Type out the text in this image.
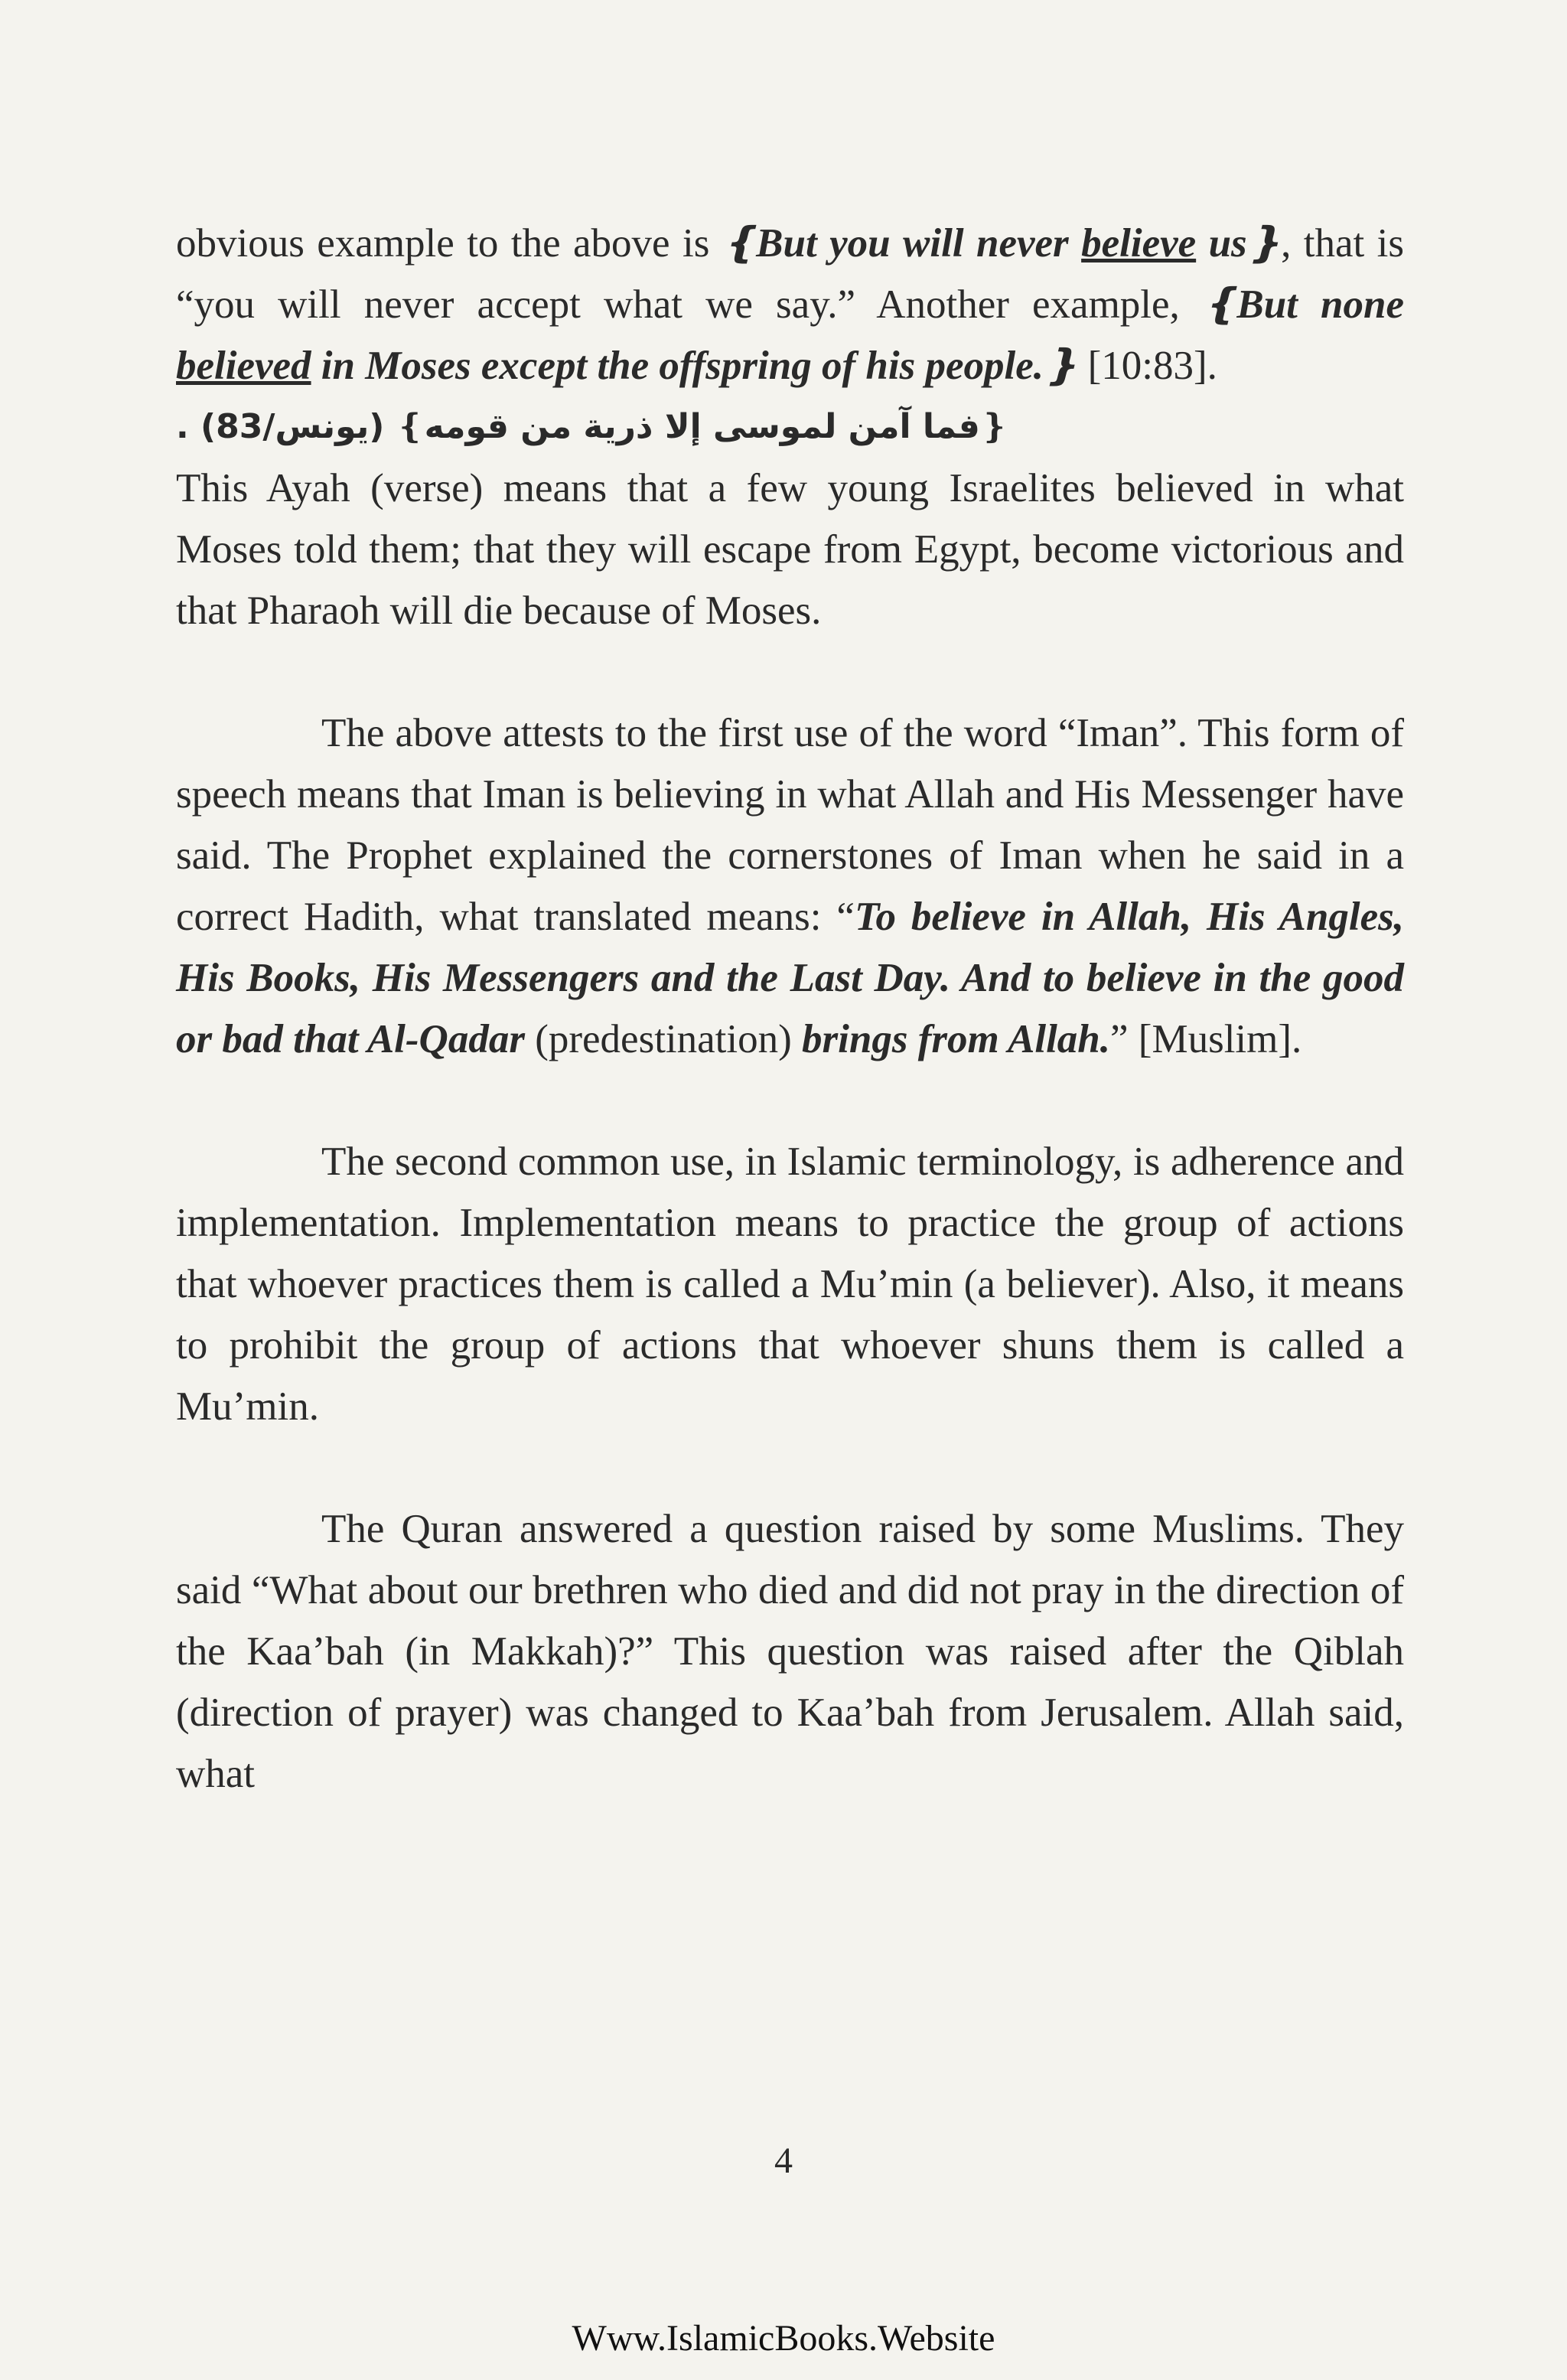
obvious example to the above is ❴But you will never believe us❵, that is “you will never accept what we say.” Another example, ❴But none believed in Moses except the offspring of his people.❵ [10:83].

❴فما آمن لموسى إلا ذرية من قومه❵ (يونس/83) .

This Ayah (verse) means that a few young Israelites believed in what Moses told them; that they will escape from Egypt, become victorious and that Pharaoh will die because of Moses.

The above attests to the first use of the word “Iman”. This form of speech means that Iman is believing in what Allah and His Messenger have said. The Prophet explained the cornerstones of Iman when he said in a correct Hadith, what translated means: “To believe in Allah, His Angles, His Books, His Messengers and the Last Day. And to believe in the good or bad that Al-Qadar (predestination) brings from Allah.” [Muslim].

The second common use, in Islamic terminology, is adherence and implementation. Implementation means to practice the group of actions that whoever practices them is called a Mu’min (a believer). Also, it means to prohibit the group of actions that whoever shuns them is called a Mu’min.

The Quran answered a question raised by some Muslims. They said “What about our brethren who died and did not pray in the direction of the Kaa’bah (in Makkah)?” This question was raised after the Qiblah (direction of prayer) was changed to Kaa’bah from Jerusalem. Allah said, what

4
Www.IslamicBooks.Website
